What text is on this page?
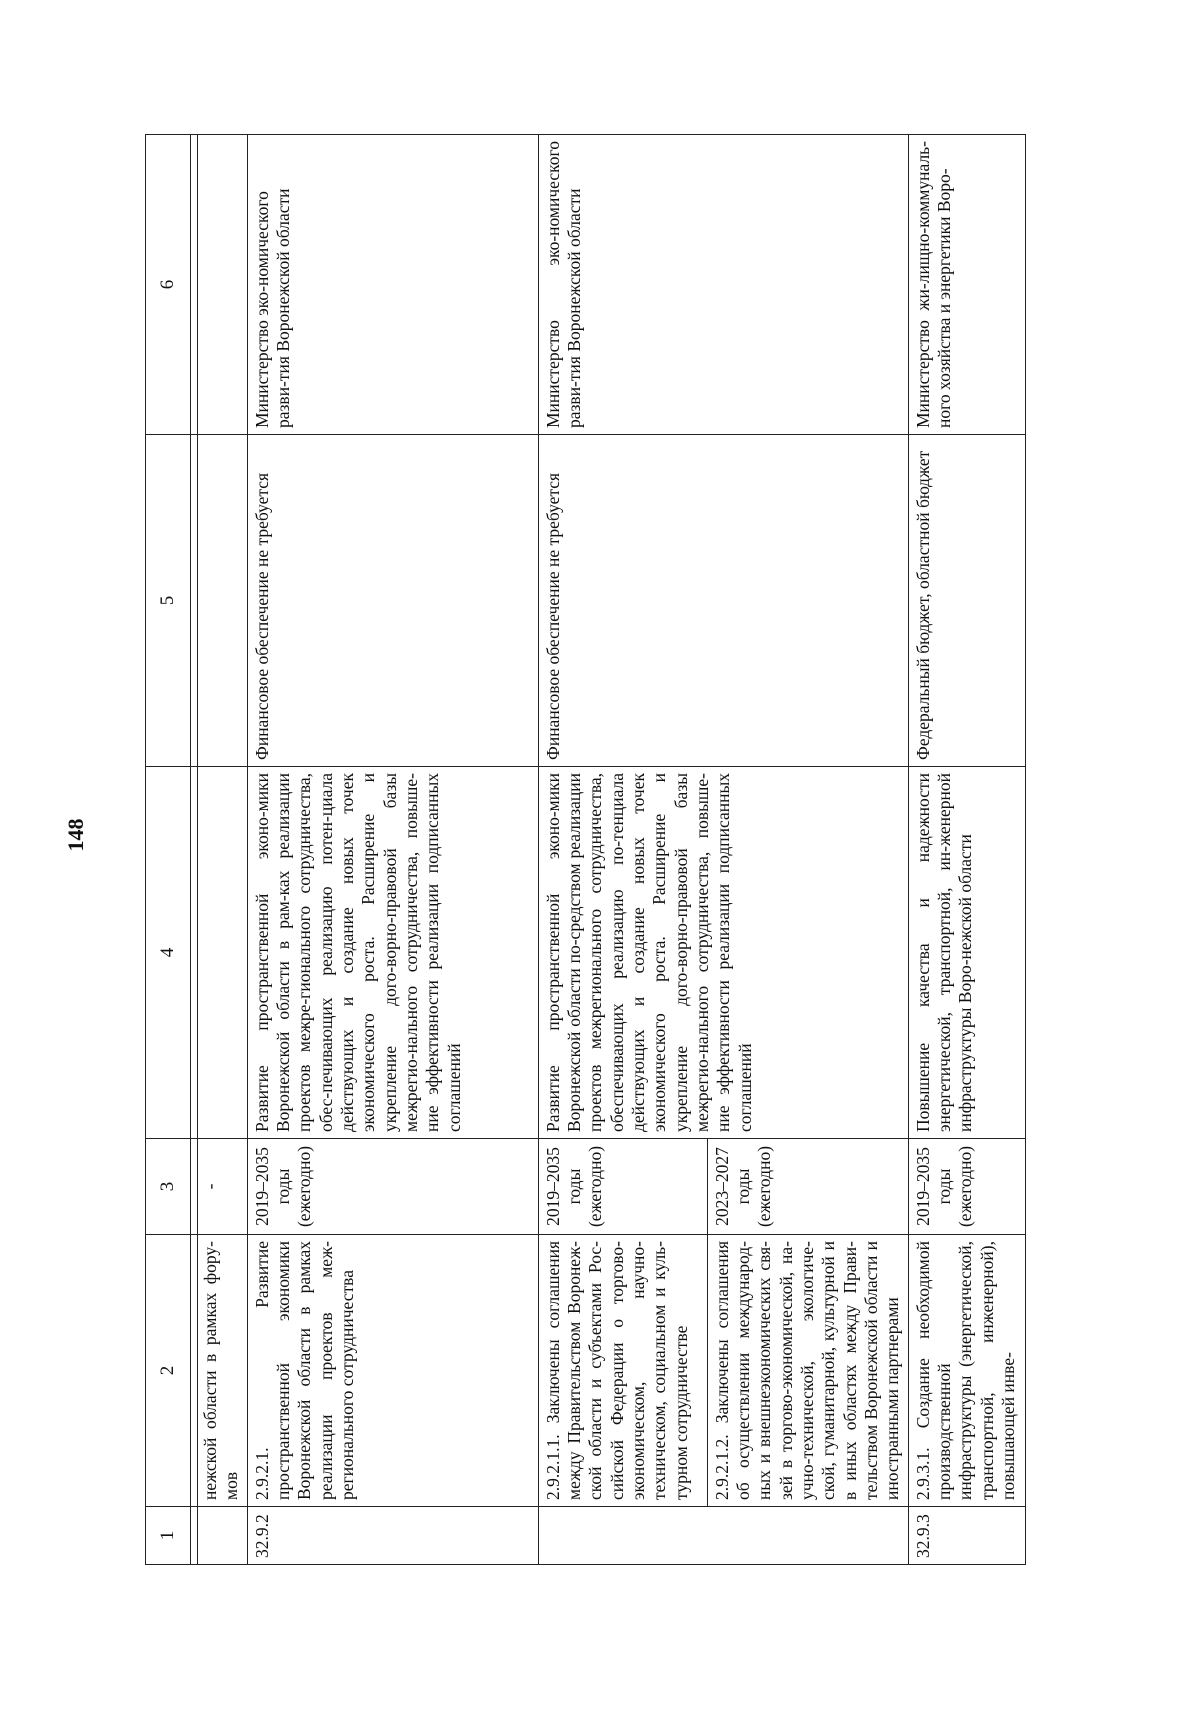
148
1	2	3	4	5	6

	нежской области в рамках фору-мов	-			
32.9.2	2.9.2.1. Развитие пространственной экономики Воронежской области в рамках реализации проектов меж-регионального сотрудничества	2019–2035 годы (ежегодно)	Развитие пространственной эконо-мики Воронежской области в рам-ках реализации проектов межре-гионального сотрудничества, обес-печивающих реализацию потен-циала действующих и создание новых точек экономического роста. Расширение и укрепление дого-ворно-правовой базы межрегио-нального сотрудничества, повыше-ние эффективности реализации подписанных соглашений	Финансовое обеспечение не требуется	Министерство эко-номического разви-тия Воронежской области
	2.9.2.1.1. Заключены соглашения между Правительством Воронеж-ской области и субъектами Рос-сийской Федерации о торгово-экономическом, научно-техническом, социальном и куль-турном сотрудничестве	2019–2035 годы (ежегодно)	Развитие пространственной эконо-мики Воронежской области по-средством реализации проектов межрегионального сотрудничества, обеспечивающих реализацию по-тенциала действующих и создание новых точек экономического роста. Расширение и укрепление дого-ворно-правовой базы межрегио-нального сотрудничества, повыше-ние эффективности реализации подписанных соглашений	Финансовое обеспечение не требуется	Министерство эко-номического разви-тия Воронежской области
	2.9.2.1.2. Заключены соглашения об осуществлении международ-ных и внешнеэкономических свя-зей в торгово-экономической, на-учно-технической, экологиче-ской, гуманитарной, культурной и в иных областях между Прави-тельством Воронежской области и иностранными партнерами	2023–2027 годы (ежегодно)			
32.9.3	2.9.3.1. Создание необходимой производственной инфраструктуры (энергетической, транспортной, инженерной), повышающей инве-	2019–2035 годы (ежегодно)	Повышение качества и надежности энергетической, транспортной, ин-женерной инфраструктуры Воро-нежской области	Федеральный бюджет, областной бюджет	Министерство жи-лищно-коммуналь-ного хозяйства и энергетики Воро-
